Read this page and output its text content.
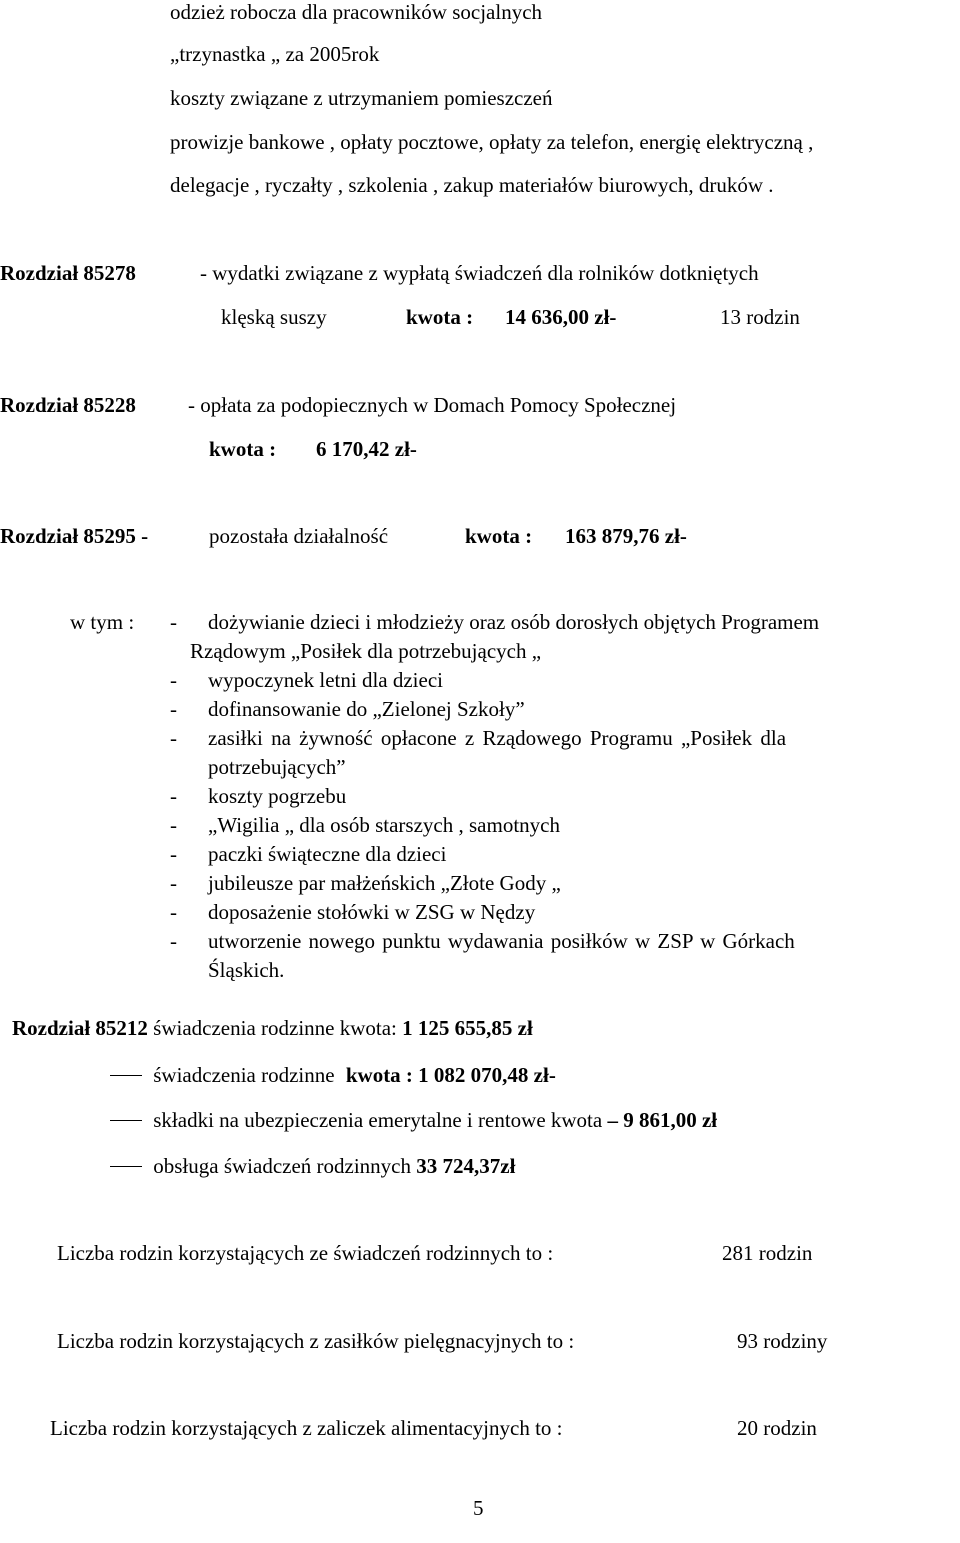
odzież robocza dla pracowników socjalnych
„trzynastka „ za 2005rok
koszty związane z utrzymaniem pomieszczeń
prowizje bankowe , opłaty pocztowe, opłaty za telefon, energię elektryczną ,
delegacje , ryczałty , szkolenia , zakup materiałów biurowych, druków .
Rozdział 85278	- wydatki związane z wypłatą świadczeń dla rolników dotkniętych
klęską suszy	kwota : 14 636,00 zł-	13 rodzin
Rozdział 85228 - opłata za podopiecznych w Domach Pomocy Społecznej
kwota : 6 170,42 zł-
Rozdział 85295 -	pozostała działalność	kwota : 163 879,76 zł-
w tym : - dożywianie dzieci i młodzieży oraz osób dorosłych objętych Programem
Rządowym „Posiłek dla potrzebujących „
- wypoczynek letni dla dzieci
- dofinansowanie do „Zielonej Szkoły”
- zasiłki na żywność opłacone z Rządowego Programu „Posiłek dla
potrzebujących”
- koszty pogrzebu
- „Wigilia „ dla osób starszych , samotnych
- paczki świąteczne dla dzieci
- jubileusze par małżeńskich „Złote Gody „
- doposażenie stołówki w ZSG w Nędzy
- utworzenie nowego punktu wydawania posiłków w ZSP w Górkach
Śląskich.
Rozdział 85212 świadczenia rodzinne kwota: 1 125 655,85 zł
świadczenia rodzinne kwota : 1 082 070,48 zł-
składki na ubezpieczenia emerytalne i rentowe kwota – 9 861,00 zł
obsługa świadczeń rodzinnych 33 724,37zł
Liczba rodzin korzystających ze świadczeń rodzinnych to :	281 rodzin
Liczba rodzin korzystających z zasiłków pielęgnacyjnych to :	93 rodziny
Liczba rodzin korzystających z zaliczek alimentacyjnych to :	20 rodzin
5
